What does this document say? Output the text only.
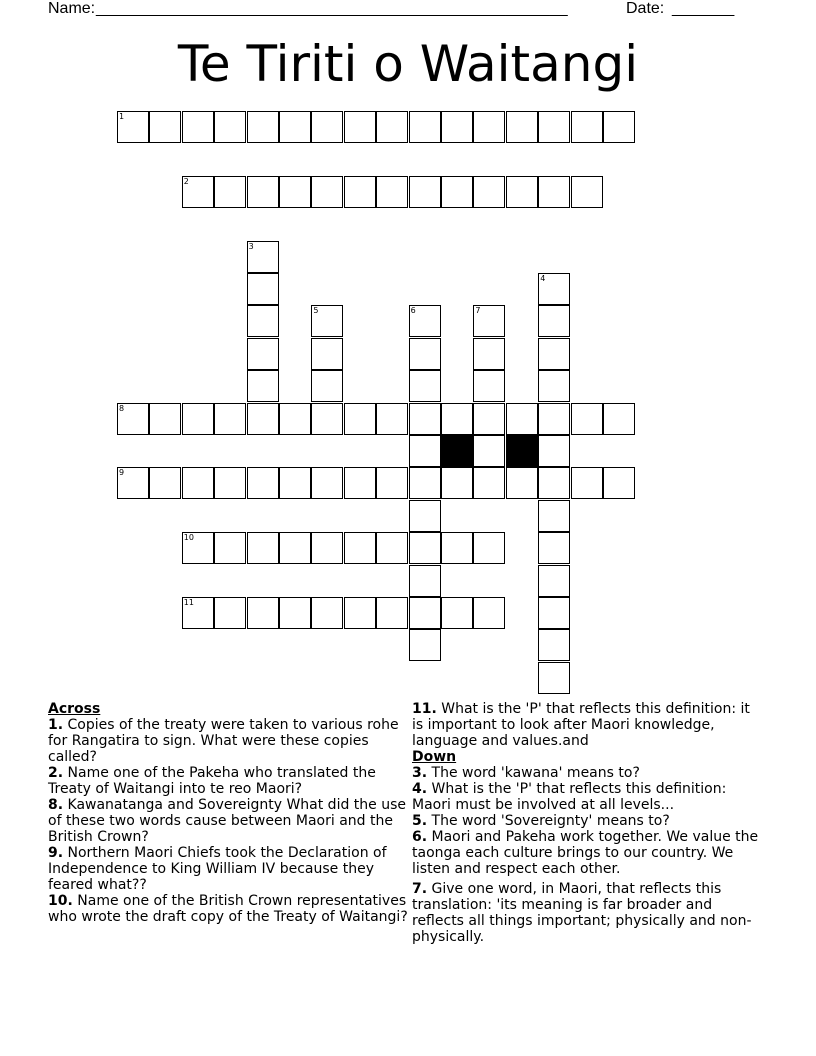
Name: _____________________________________________________	Date: _______
Te Tiriti o Waitangi
1
2
8
9
10
11
3
4
5	6	7
Across

1. Copies of the treaty were taken to various rohe for Rangatira to sign. What were these copies called?

2. Name one of the Pakeha who translated the Treaty of Waitangi into te reo Maori?

8. Kawanatanga and Sovereignty What did the use of these two words cause between Maori and the British Crown?

9. Northern Maori Chiefs took the Declaration of Independence to King William IV because they feared what??

10. Name one of the British Crown representatives who wrote the draft copy of the Treaty of Waitangi?

11. What is the 'P' that reflects this definition: it is important to look after Maori knowledge, language and values.and

Down

3. The word 'kawana' means to?

4. What is the 'P' that reflects this definition: Maori must be involved at all levels...

5. The word 'Sovereignty' means to?

6. Maori and Pakeha work together. We value the taonga each culture brings to our country. We listen and respect each other.

7. Give one word, in Maori, that reflects this translation: 'its meaning is far broader and reflects all things important; physically and non-physically.
